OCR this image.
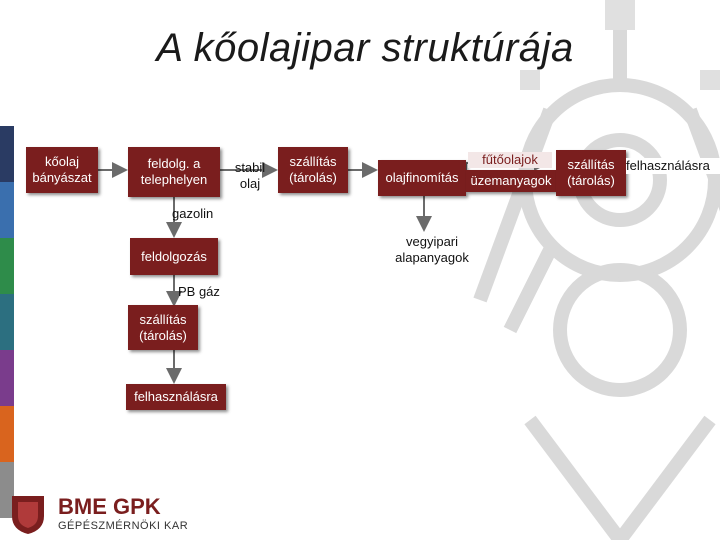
A kőolajipar struktúrája
kőolaj
bányászat
feldolg. a
telephelyen
szállítás
(tárolás)	olajfinomítás üzemanyagok
szállítás
(tárolás)
feldolgozás
szállítás
(tárolás)
felhasználásra
stabil
olaj
fűtőolajok	felhasználásra
gazolin
vegyipari
alapanyagok
PB gáz
BME GPK
GÉPÉSZMÉRNÖKI KAR
